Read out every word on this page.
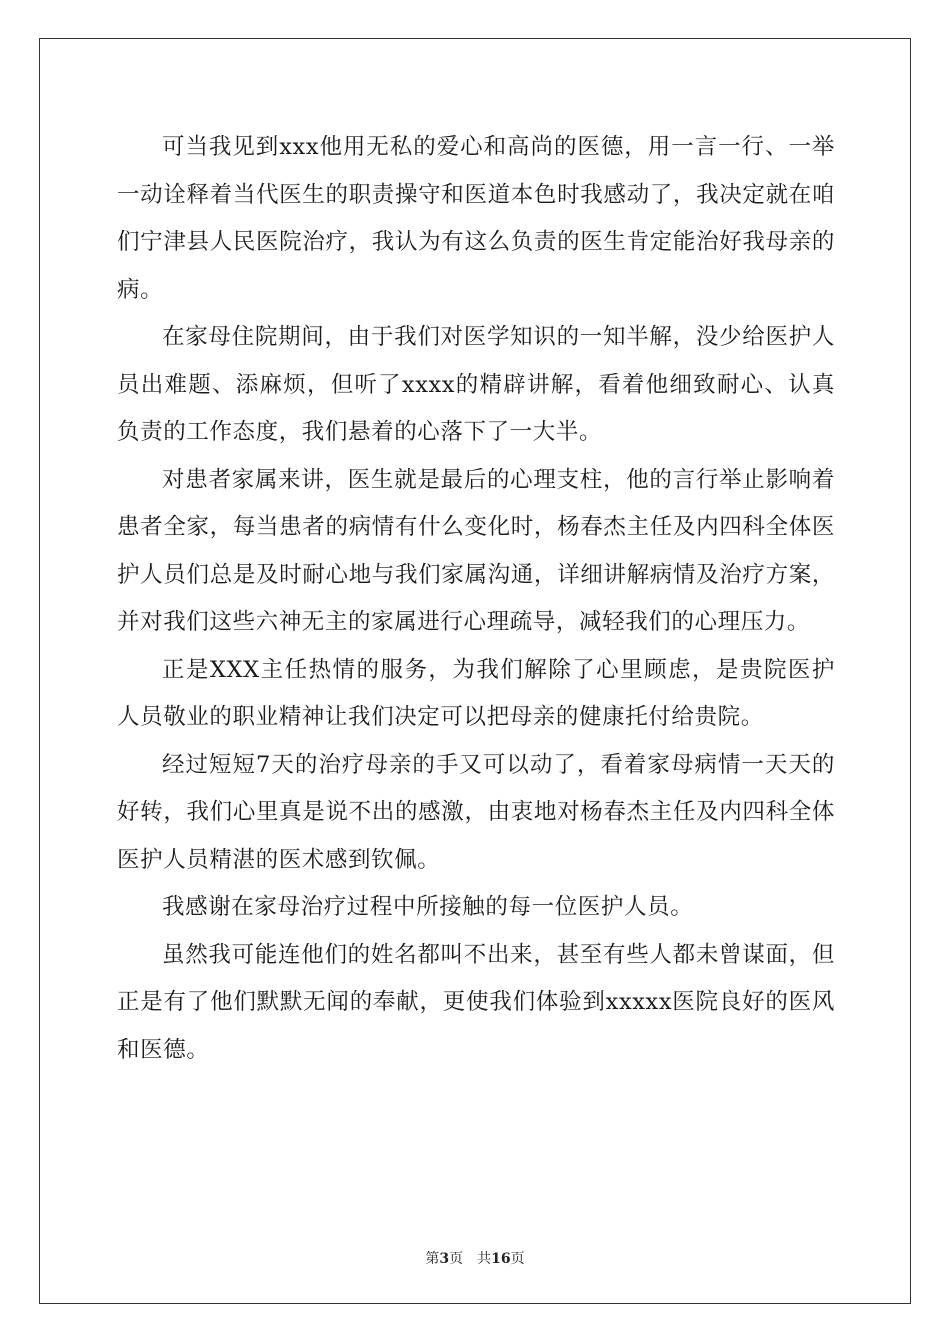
可当我见到xxx他用无私的爱心和高尚的医德，用一言一行、一举一动诠释着当代医生的职责操守和医道本色时我感动了，我决定就在咱们宁津县人民医院治疗，我认为有这么负责的医生肯定能治好我母亲的病。

在家母住院期间，由于我们对医学知识的一知半解，没少给医护人员出难题、添麻烦，但听了xxxx的精辟讲解，看着他细致耐心、认真负责的工作态度，我们悬着的心落下了一大半。

对患者家属来讲，医生就是最后的心理支柱，他的言行举止影响着患者全家，每当患者的病情有什么变化时，杨春杰主任及内四科全体医护人员们总是及时耐心地与我们家属沟通，详细讲解病情及治疗方案，并对我们这些六神无主的家属进行心理疏导，减轻我们的心理压力。

正是XXX主任热情的服务，为我们解除了心里顾虑，是贵院医护人员敬业的职业精神让我们决定可以把母亲的健康托付给贵院。

经过短短7天的治疗母亲的手又可以动了，看着家母病情一天天的好转，我们心里真是说不出的感激，由衷地对杨春杰主任及内四科全体医护人员精湛的医术感到钦佩。

我感谢在家母治疗过程中所接触的每一位医护人员。

虽然我可能连他们的姓名都叫不出来，甚至有些人都未曾谋面，但正是有了他们默默无闻的奉献，更使我们体验到xxxxx医院良好的医风和医德。

第3页 共16页
